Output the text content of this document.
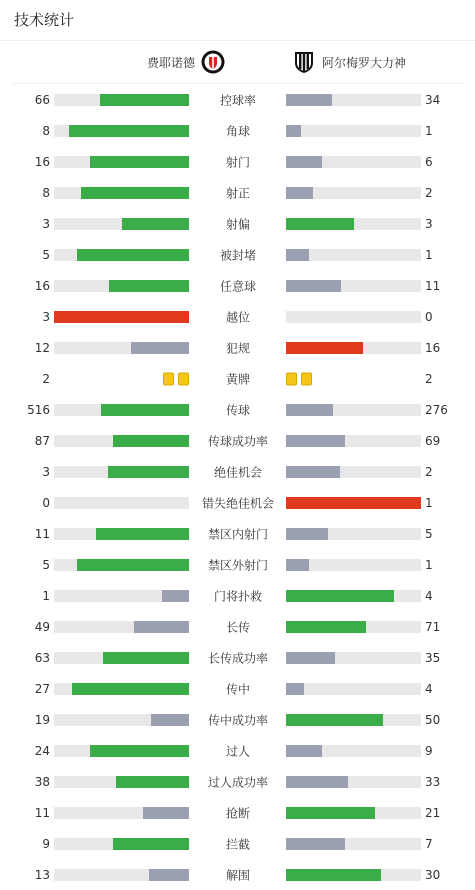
技术统计
费耶诺德	阿尔梅罗大力神
66	控球率	34
8	角球	1
16	射门	6
8	射正	2
3	射偏	3
5	被封堵	1
16	任意球	11
3	越位	0
12	犯规	16
2	黄牌	2
516	传球	276
87	传球成功率	69
3	绝佳机会	2
0	错失绝佳机会	1
11	禁区内射门	5
5	禁区外射门	1
1	门将扑救	4
49	长传	71
63	长传成功率	35
27	传中	4
19	传中成功率	50
24	过人	9
38	过人成功率	33
11	抢断	21
9	拦截	7
13	解围	30
